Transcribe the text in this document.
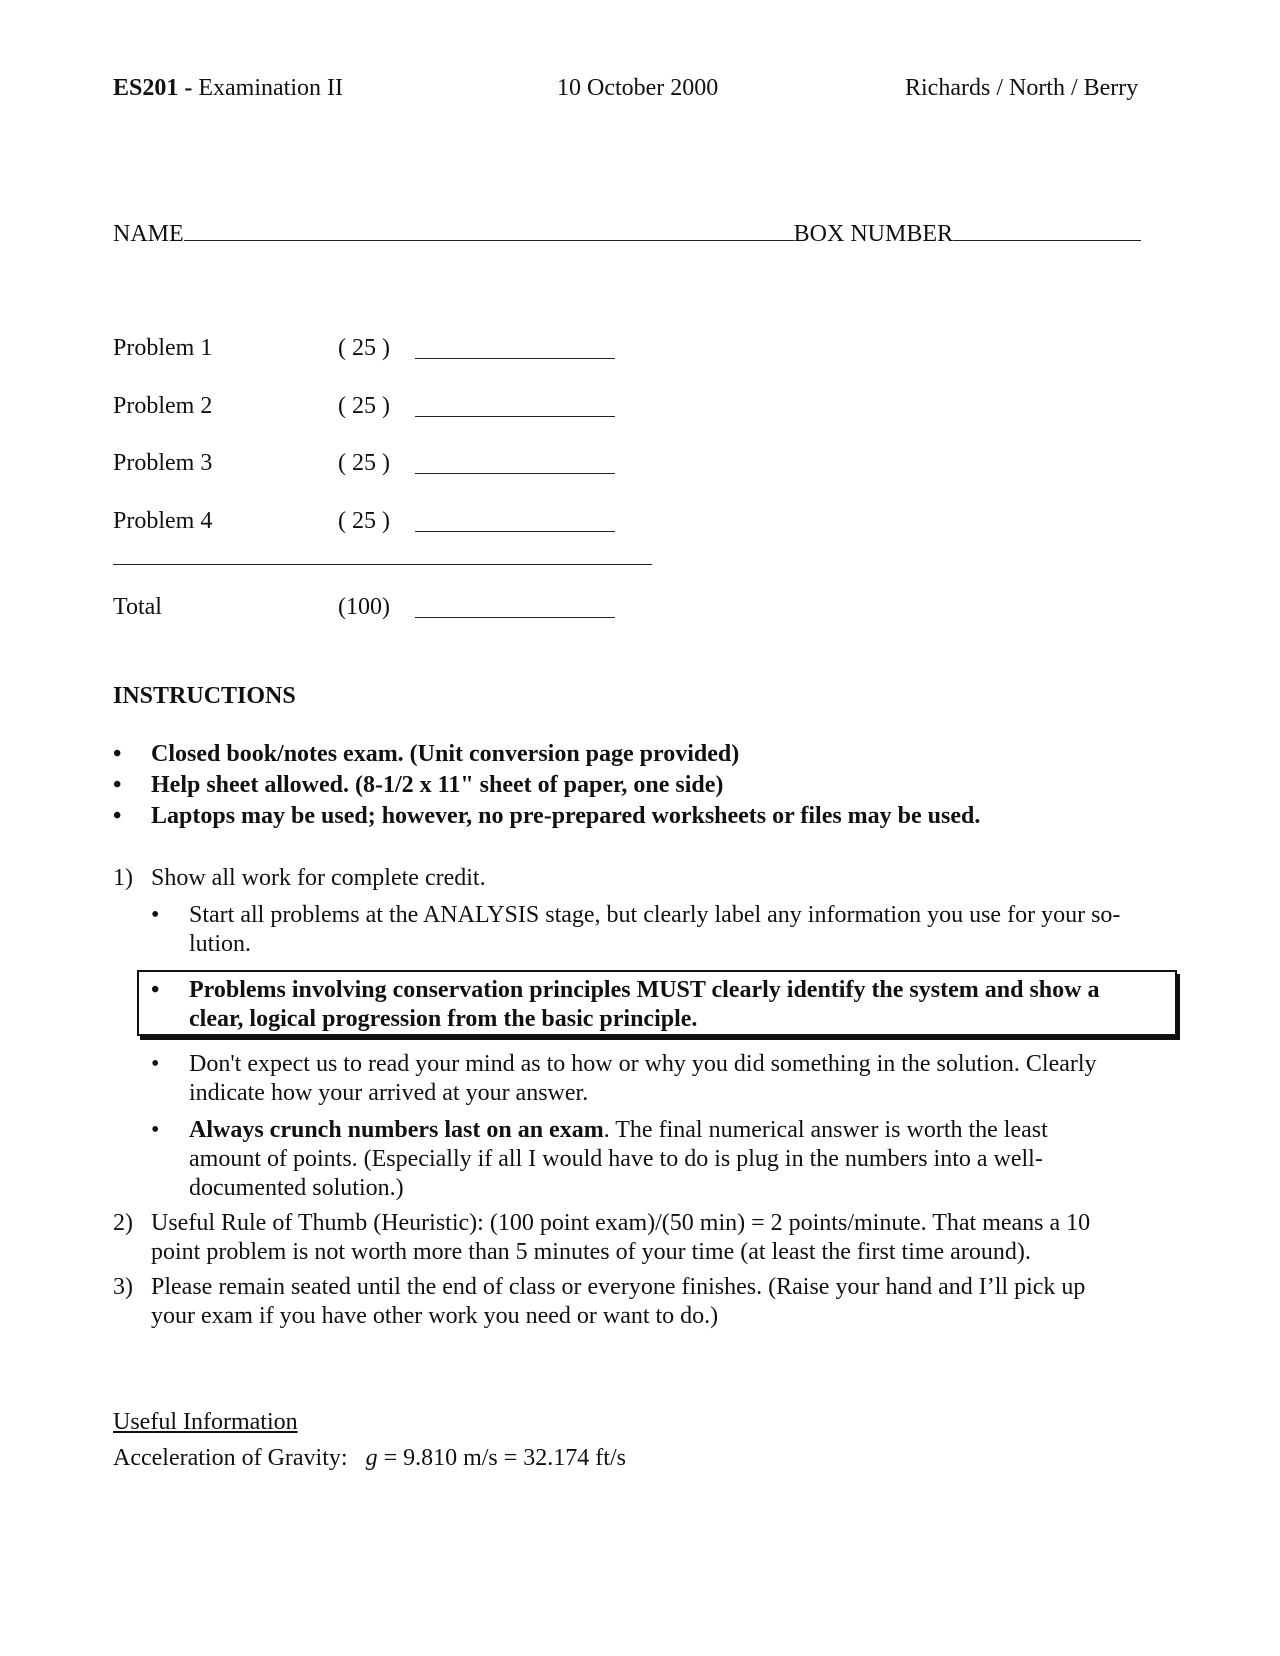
ES201 - Examination II	10 October 2000	Richards / North / Berry
NAME	BOX NUMBER
Problem 1	( 25 )
Problem 2	( 25 )
Problem 3	( 25 )
Problem 4	( 25 )
Total	(100)
INSTRUCTIONS
• Closed book/notes exam. (Unit conversion page provided)
• Help sheet allowed. (8-1/2 x 11" sheet of paper, one side)
• Laptops may be used; however, no pre-prepared worksheets or files may be used.
1) Show all work for complete credit.
• Start all problems at the ANALYSIS stage, but clearly label any information you use for your so-
lution.
• Problems involving conservation principles MUST clearly identify the system and show a
clear, logical progression from the basic principle.
• Don't expect us to read your mind as to how or why you did something in the solution. Clearly
indicate how your arrived at your answer.
• Always crunch numbers last on an exam. The final numerical answer is worth the least
amount of points. (Especially if all I would have to do is plug in the numbers into a well-
documented solution.)
2) Useful Rule of Thumb (Heuristic): (100 point exam)/(50 min) = 2 points/minute. That means a 10
point problem is not worth more than 5 minutes of your time (at least the first time around).
3) Please remain seated until the end of class or everyone finishes. (Raise your hand and I’ll pick up
your exam if you have other work you need or want to do.)
Useful Information
Acceleration of Gravity: g = 9.810 m/s = 32.174 ft/s
